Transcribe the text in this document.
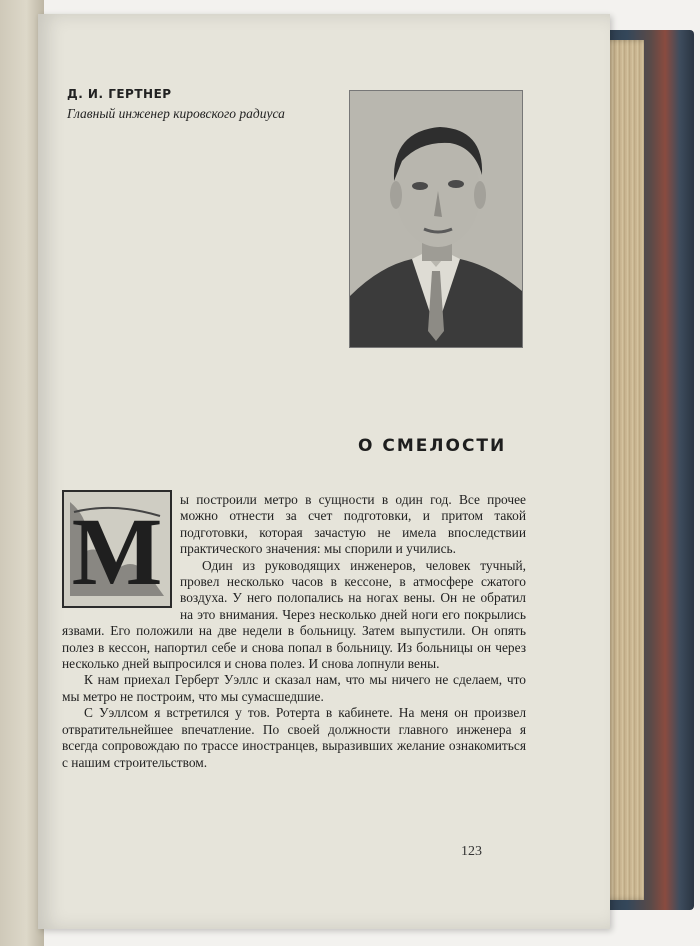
Д. И. ГЕРТНЕР
Главный инженер кировского радиуса
О СМЕЛОСТИ
М	ы построили метро в сущности в один год. Все прочее можно отнести за счет подготовки, и притом такой подготовки, которая зачастую не имела впоследствии практического значения: мы спорили и учились.

Один из руководящих инженеров, человек тучный, провел несколько часов в кессоне, в атмосфере сжатого воздуха. У него полопались на ногах вены. Он не обратил на это внимания. Через несколько дней ноги его покрылись язвами. Его положили на две недели в больницу. Затем выпустили. Он опять полез в кессон, напортил себе и снова попал в больницу. Из больницы он через несколько дней выпросился и снова полез. И снова лопнули вены.

К нам приехал Герберт Уэллс и сказал нам, что мы ничего не сделаем, что мы метро не построим, что мы сумасшедшие.

С Уэллсом я встретился у тов. Ротерта в кабинете. На меня он произвел отвратительнейшее впечатление. По своей должности главного инженера я всегда сопровождаю по трассе иностранцев, выразивших желание ознакомиться с нашим строительством.

123
